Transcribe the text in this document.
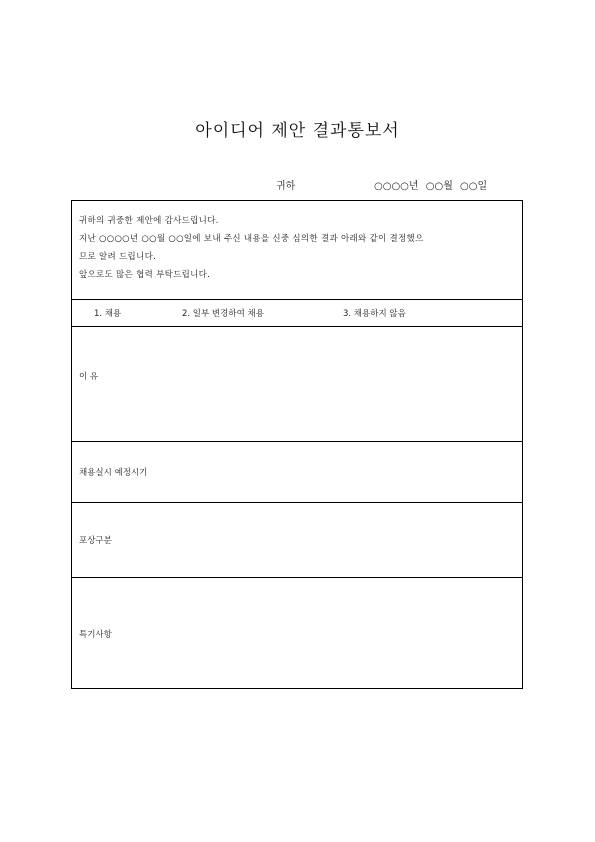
아이디어 제안 결과통보서
귀하	○○○○년 ○○월 ○○일
귀하의 귀중한 제안에 감사드립니다.
지난 ○○○○년 ○○월 ○○일에 보내 주신 내용을 신중 심의한 결과 아래와 같이 결정했으
므로 알려 드립니다.
앞으로도 많은 협력 부탁드립니다.
1. 채용	2. 일부 변경하여 채용	3. 채용하지 않음
이 유
채용실시 예정시기
포상구분
특기사항
